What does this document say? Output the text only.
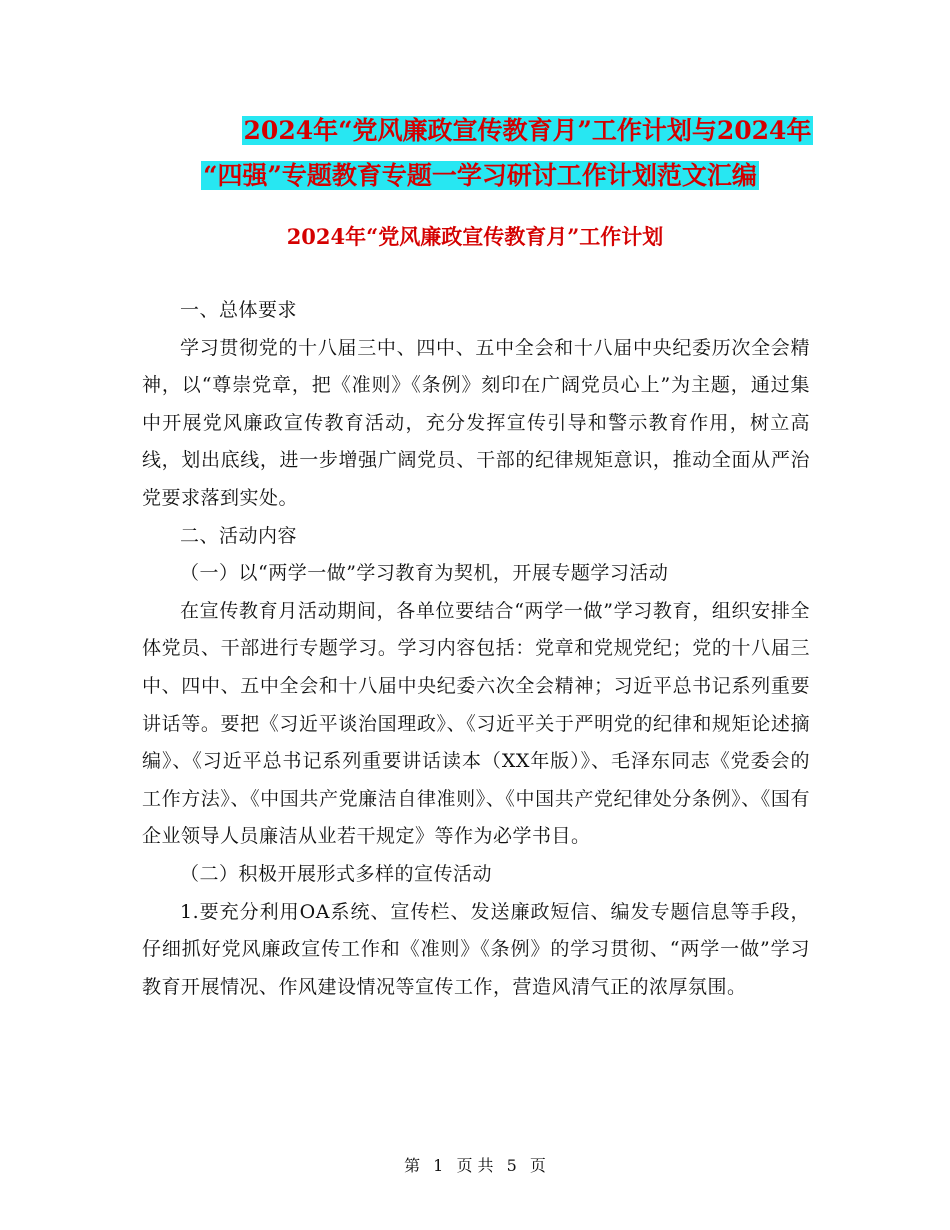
2024年“党风廉政宣传教育月”工作计划与2024年
“四强”专题教育专题一学习研讨工作计划范文汇编
2024年“党风廉政宣传教育月”工作计划

一、总体要求

学习贯彻党的十八届三中、四中、五中全会和十八届中央纪委历次全会精神，以“尊崇党章，把《准则》《条例》刻印在广阔党员心上”为主题，通过集中开展党风廉政宣传教育活动，充分发挥宣传引导和警示教育作用，树立高线，划出底线，进一步增强广阔党员、干部的纪律规矩意识，推动全面从严治党要求落到实处。

二、活动内容

（一）以“两学一做”学习教育为契机，开展专题学习活动

在宣传教育月活动期间，各单位要结合“两学一做”学习教育，组织安排全体党员、干部进行专题学习。学习内容包括：党章和党规党纪；党的十八届三中、四中、五中全会和十八届中央纪委六次全会精神；习近平总书记系列重要讲话等。要把《习近平谈治国理政》、《习近平关于严明党的纪律和规矩论述摘编》、《习近平总书记系列重要讲话读本（XX年版）》、毛泽东同志《党委会的工作方法》、《中国共产党廉洁自律准则》、《中国共产党纪律处分条例》、《国有企业领导人员廉洁从业若干规定》等作为必学书目。

（二）积极开展形式多样的宣传活动

1.要充分利用OA系统、宣传栏、发送廉政短信、编发专题信息等手段，仔细抓好党风廉政宣传工作和《准则》《条例》的学习贯彻、“两学一做”学习教育开展情况、作风建设情况等宣传工作，营造风清气正的浓厚氛围。

第 1 页 共 5 页
